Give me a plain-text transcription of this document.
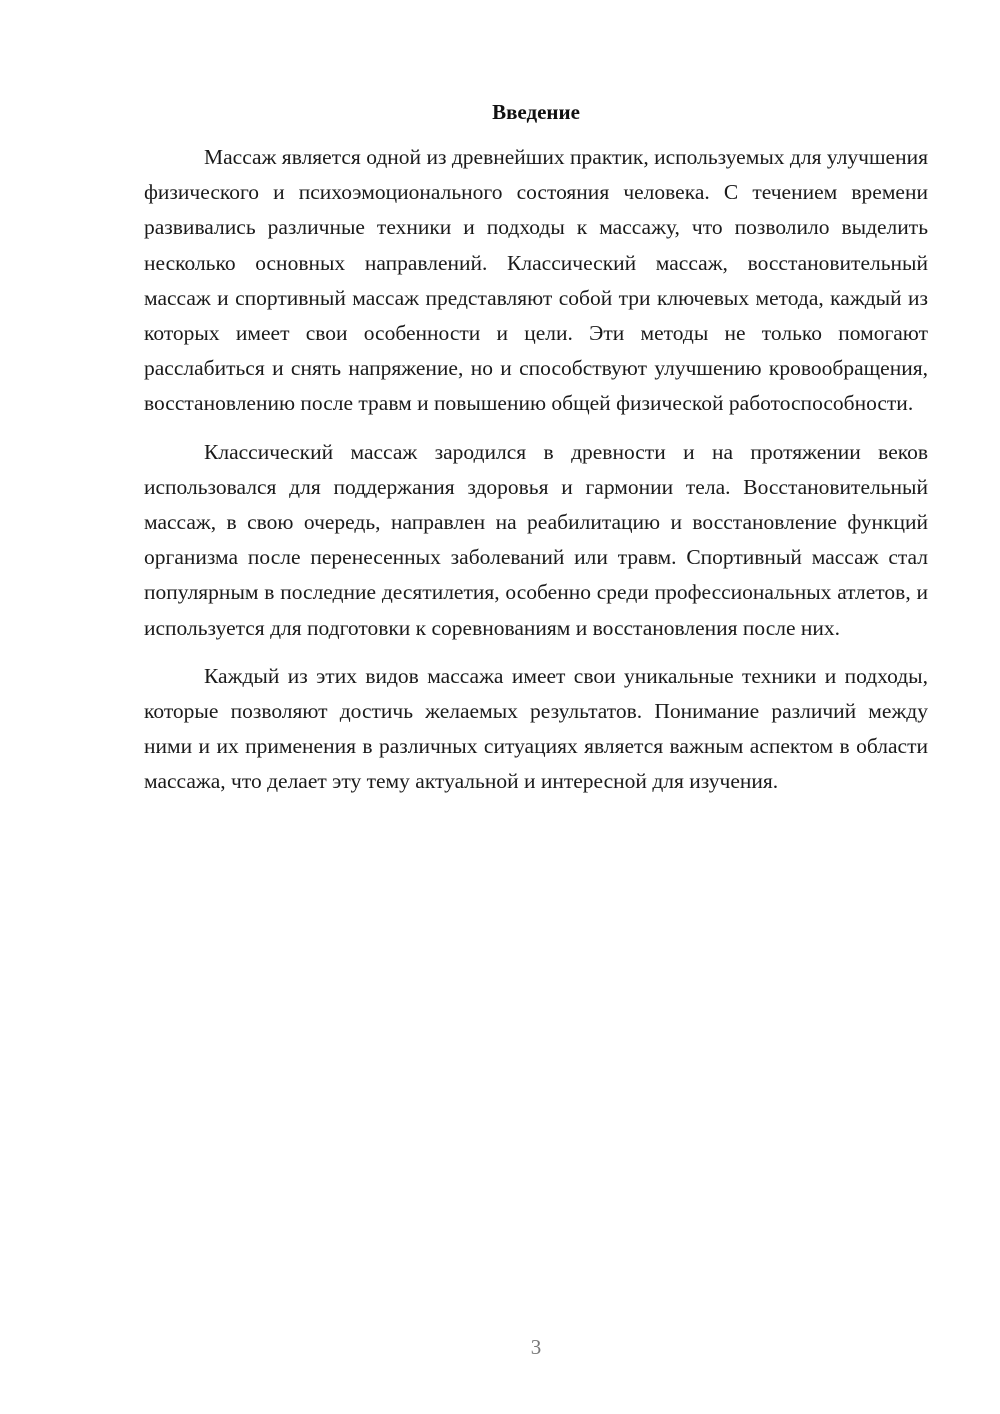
Введение

Массаж является одной из древнейших практик, используемых для улучшения физического и психоэмоционального состояния человека. С течением времени развивались различные техники и подходы к массажу, что позволило выделить несколько основных направлений. Классический массаж, восстановительный массаж и спортивный массаж представляют собой три ключевых метода, каждый из которых имеет свои особенности и цели. Эти методы не только помогают расслабиться и снять напряжение, но и способствуют улучшению кровообращения, восстановлению после травм и повышению общей физической работоспособности.

Классический массаж зародился в древности и на протяжении веков использовался для поддержания здоровья и гармонии тела. Восстановительный массаж, в свою очередь, направлен на реабилитацию и восстановление функций организма после перенесенных заболеваний или травм. Спортивный массаж стал популярным в последние десятилетия, особенно среди профессиональных атлетов, и используется для подготовки к соревнованиям и восстановления после них.

Каждый из этих видов массажа имеет свои уникальные техники и подходы, которые позволяют достичь желаемых результатов. Понимание различий между ними и их применения в различных ситуациях является важным аспектом в области массажа, что делает эту тему актуальной и интересной для изучения.

3
